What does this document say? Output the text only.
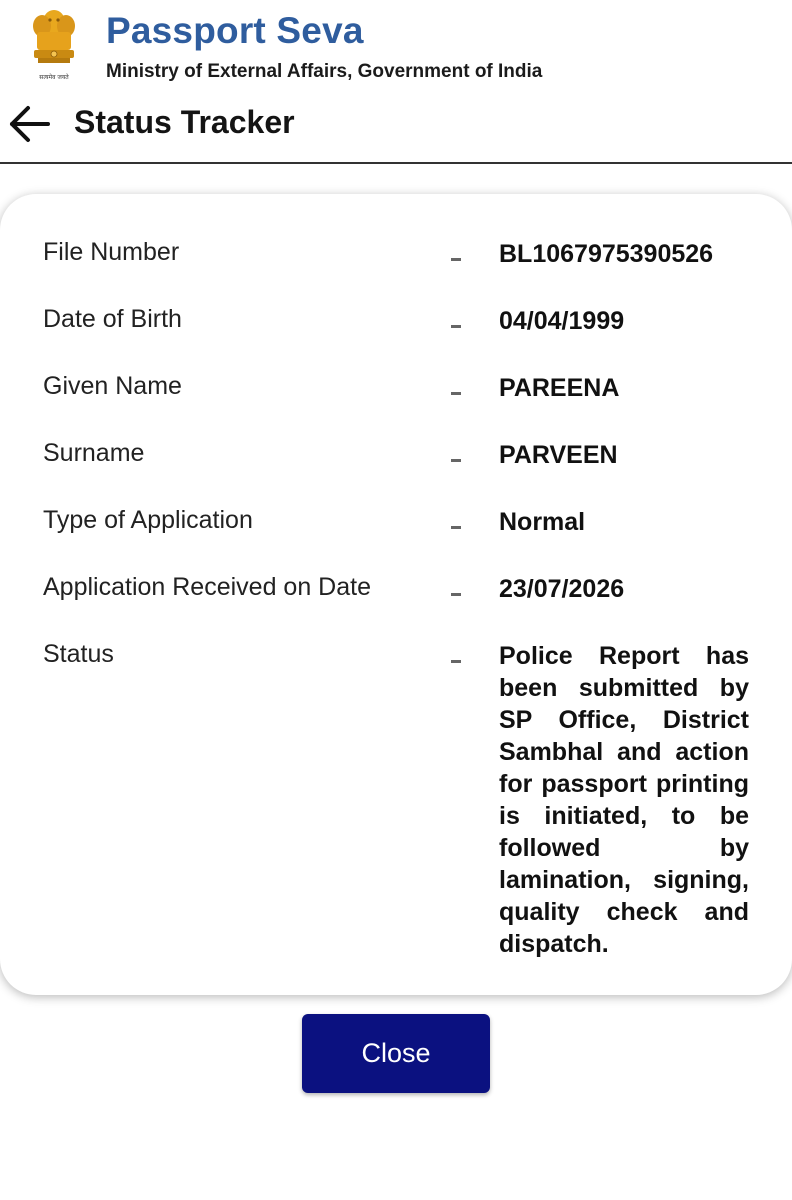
सत्यमेव जयते
Passport Seva
Ministry of External Affairs, Government of India
Status Tracker
File Number	BL1067975390526
Date of Birth	04/04/1999
Given Name	PAREENA
Surname	PARVEEN
Type of Application	Normal
Application Received on Date	23/07/2026
Status	Police Report has been submitted by SP Office, District Sambhal and action for passport printing is initiated, to be followed by lamination, signing, quality check and dispatch.
Close
